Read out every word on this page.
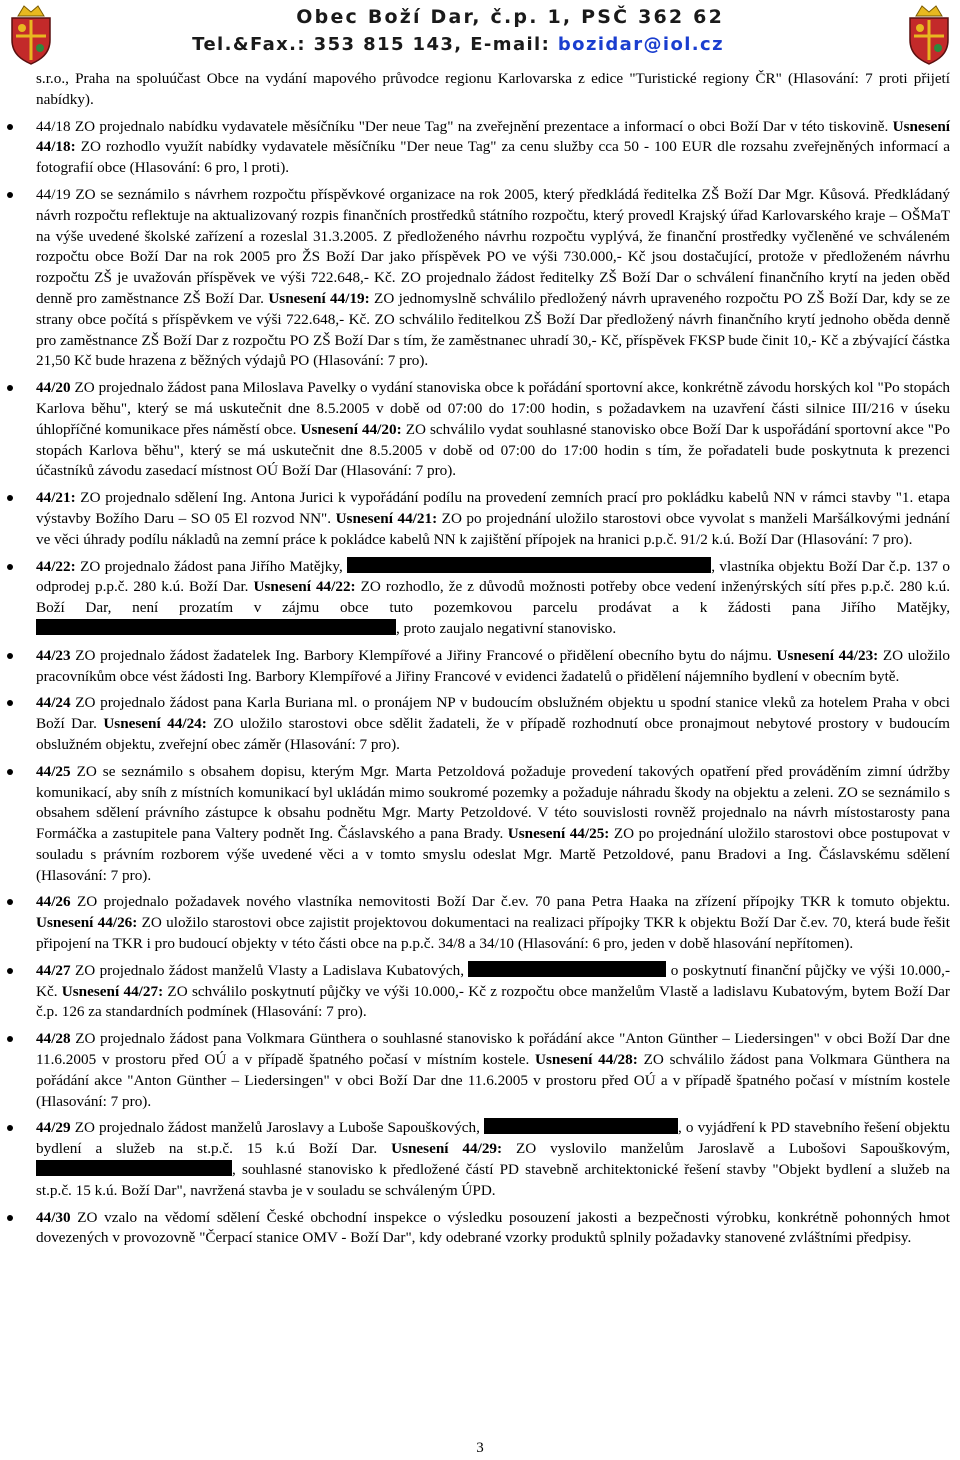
Obec Boží Dar, č.p. 1, PSČ 362 62
Tel.&Fax.: 353 815 143, E-mail: bozidar@iol.cz

s.r.o., Praha na spoluúčast Obce na vydání mapového průvodce regionu Karlovarska z edice "Turistické regiony ČR" (Hlasování: 7 proti přijetí nabídky).

44/18 ZO projednalo nabídku vydavatele měsíčníku "Der neue Tag" na zveřejnění prezentace a informací o obci Boží Dar v této tiskovině. Usnesení 44/18: ZO rozhodlo využít nabídky vydavatele měsíčníku "Der neue Tag" za cenu služby cca 50 - 100 EUR dle rozsahu zveřejněných informací a fotografií obce (Hlasování: 6 pro, l proti).
44/19 ZO se seznámilo s návrhem rozpočtu příspěvkové organizace na rok 2005, který předkládá ředitelka ZŠ Boží Dar Mgr. Kůsová. Předkládaný návrh rozpočtu reflektuje na aktualizovaný rozpis finančních prostředků státního rozpočtu, který provedl Krajský úřad Karlovarského kraje – OŠMaT na výše uvedené školské zařízení a rozeslal 31.3.2005. Z předloženého návrhu rozpočtu vyplývá, že finanční prostředky vyčleněné ve schváleném rozpočtu obce Boží Dar na rok 2005 pro ŽS Boží Dar jako příspěvek PO ve výši 730.000,- Kč jsou dostačující, protože v předloženém návrhu rozpočtu ZŠ je uvažován příspěvek ve výši 722.648,- Kč. ZO projednalo žádost ředitelky ZŠ Boží Dar o schválení finančního krytí na jeden oběd denně pro zaměstnance ZŠ Boží Dar. Usnesení 44/19: ZO jednomyslně schválilo předložený návrh upraveného rozpočtu PO ZŠ Boží Dar, kdy se ze strany obce počítá s příspěvkem ve výši 722.648,- Kč. ZO schválilo ředitelkou ZŠ Boží Dar předložený návrh finančního krytí jednoho oběda denně pro zaměstnance ZŠ Boží Dar z rozpočtu PO ZŠ Boží Dar s tím, že zaměstnanec uhradí 30,- Kč, příspěvek FKSP bude činit 10,- Kč a zbývající částka 21,50 Kč bude hrazena z běžných výdajů PO (Hlasování: 7 pro).
44/20 ZO projednalo žádost pana Miloslava Pavelky o vydání stanoviska obce k pořádání sportovní akce, konkrétně závodu horských kol "Po stopách Karlova běhu", který se má uskutečnit dne 8.5.2005 v době od 07:00 do 17:00 hodin, s požadavkem na uzavření části silnice III/216 v úseku úhlopříčné komunikace přes náměstí obce. Usnesení 44/20: ZO schválilo vydat souhlasné stanovisko obce Boží Dar k uspořádání sportovní akce "Po stopách Karlova běhu", který se má uskutečnit dne 8.5.2005 v době od 07:00 do 17:00 hodin s tím, že pořadateli bude poskytnuta k prezenci účastníků závodu zasedací místnost OÚ Boží Dar (Hlasování: 7 pro).
44/21: ZO projednalo sdělení Ing. Antona Jurici k vypořádání podílu na provedení zemních prací pro pokládku kabelů NN v rámci stavby "1. etapa výstavby Božího Daru – SO 05 El rozvod NN". Usnesení 44/21: ZO po projednání uložilo starostovi obce vyvolat s manželi Maršálkovými jednání ve věci úhrady podílu nákladů na zemní práce k pokládce kabelů NN k zajištění přípojek na hranici p.p.č. 91/2 k.ú. Boží Dar (Hlasování: 7 pro).
44/22: ZO projednalo žádost pana Jiřího Matějky,	, vlastníka objektu Boží Dar č.p. 137 o odprodej p.p.č. 280 k.ú. Boží Dar. Usnesení 44/22: ZO rozhodlo, že z důvodů možnosti potřeby obce vedení inženýrských sítí přes p.p.č. 280 k.ú. Boží Dar, není prozatím v zájmu obce tuto pozemkovou parcelu prodávat a k žádosti pana Jiřího Matějky, , proto zaujalo negativní stanovisko.
44/23 ZO projednalo žádost žadatelek Ing. Barbory Klempířové a Jiřiny Francové o přidělení obecního bytu do nájmu. Usnesení 44/23: ZO uložilo pracovníkům obce vést žádosti Ing. Barbory Klempířové a Jiřiny Francové v evidenci žadatelů o přidělení nájemního bydlení v obecním bytě.
44/24 ZO projednalo žádost pana Karla Buriana ml. o pronájem NP v budoucím obslužném objektu u spodní stanice vleků za hotelem Praha v obci Boží Dar. Usnesení 44/24: ZO uložilo starostovi obce sdělit žadateli, že v případě rozhodnutí obce pronajmout nebytové prostory v budoucím obslužném objektu, zveřejní obec záměr (Hlasování: 7 pro).
44/25 ZO se seznámilo s obsahem dopisu, kterým Mgr. Marta Petzoldová požaduje provedení takových opatření před prováděním zimní údržby komunikací, aby sníh z místních komunikací byl ukládán mimo soukromé pozemky a požaduje náhradu škody na objektu a zeleni. ZO se seznámilo s obsahem sdělení právního zástupce k obsahu podnětu Mgr. Marty Petzoldové. V této souvislosti rovněž projednalo na návrh místostarosty pana Formáčka a zastupitele pana Valtery podnět Ing. Čáslavského a pana Brady. Usnesení 44/25: ZO po projednání uložilo starostovi obce postupovat v souladu s právním rozborem výše uvedené věci a v tomto smyslu odeslat Mgr. Martě Petzoldové, panu Bradovi a Ing. Čáslavskému sdělení (Hlasování: 7 pro).
44/26 ZO projednalo požadavek nového vlastníka nemovitosti Boží Dar č.ev. 70 pana Petra Haaka na zřízení přípojky TKR k tomuto objektu. Usnesení 44/26: ZO uložilo starostovi obce zajistit projektovou dokumentaci na realizaci přípojky TKR k objektu Boží Dar č.ev. 70, která bude řešit připojení na TKR i pro budoucí objekty v této části obce na p.p.č. 34/8 a 34/10 (Hlasování: 6 pro, jeden v době hlasování nepřítomen).
44/27 ZO projednalo žádost manželů Vlasty a Ladislava Kubatových,	o poskytnutí finanční půjčky ve výši 10.000,- Kč. Usnesení 44/27: ZO schválilo poskytnutí půjčky ve výši 10.000,- Kč z rozpočtu obce manželům Vlastě a ladislavu Kubatovým, bytem Boží Dar č.p. 126 za standardních podmínek (Hlasování: 7 pro).
44/28 ZO projednalo žádost pana Volkmara Günthera o souhlasné stanovisko k pořádání akce "Anton Günther – Liedersingen" v obci Boží Dar dne 11.6.2005 v prostoru před OÚ a v případě špatného počasí v místním kostele. Usnesení 44/28: ZO schválilo žádost pana Volkmara Günthera na pořádání akce "Anton Günther – Liedersingen" v obci Boží Dar dne 11.6.2005 v prostoru před OÚ a v případě špatného počasí v místním kostele (Hlasování: 7 pro).
44/29 ZO projednalo žádost manželů Jaroslavy a Luboše Sapouškových,	, o vyjádření k PD stavebního řešení objektu bydlení a služeb na st.p.č. 15 k.ú Boží Dar. Usnesení 44/29: ZO vyslovilo manželům Jaroslavě a Lubošovi Sapouškovým, , souhlasné stanovisko k předložené částí PD stavebně architektonické řešení stavby "Objekt bydlení a služeb na st.p.č. 15 k.ú. Boží Dar", navržená stavba je v souladu se schváleným ÚPD.
44/30 ZO vzalo na vědomí sdělení České obchodní inspekce o výsledku posouzení jakosti a bezpečnosti výrobku, konkrétně pohonných hmot dovezených v provozovně "Čerpací stanice OMV - Boží Dar", kdy odebrané vzorky produktů splnily požadavky stanovené zvláštními předpisy.
3
